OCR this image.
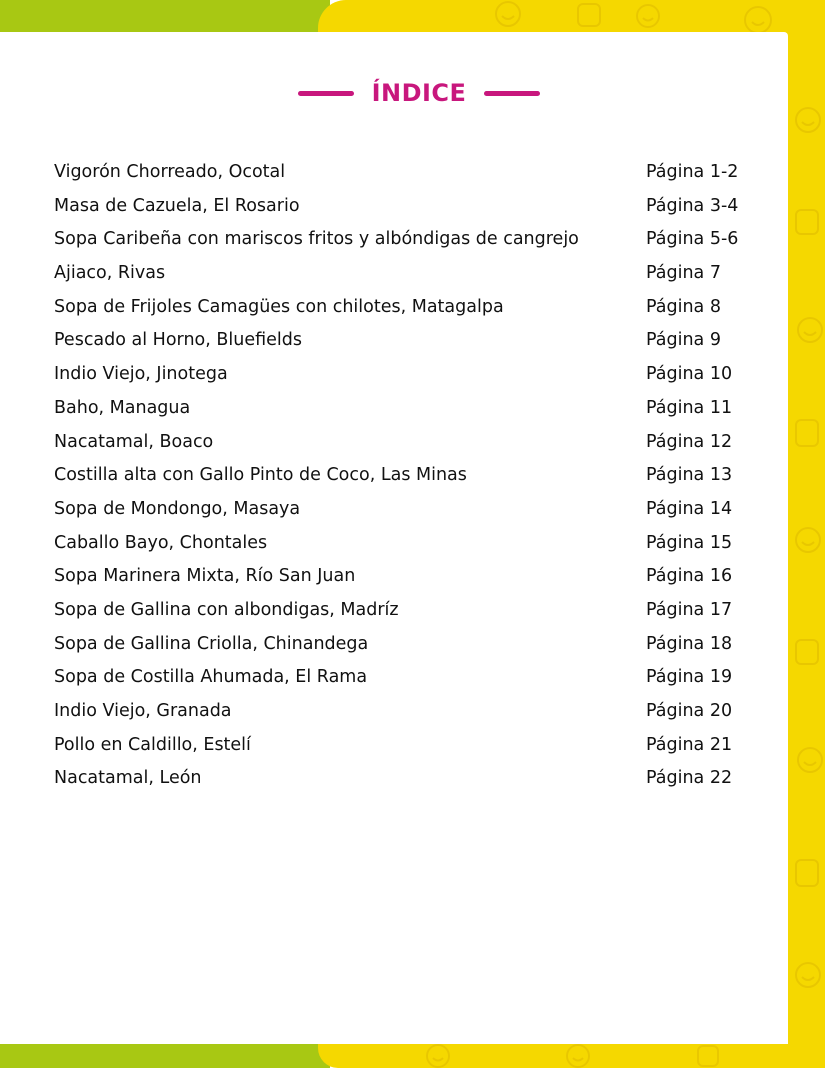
ÍNDICE
Vigorón Chorreado, Ocotal	Página 1-2
Masa de Cazuela, El Rosario	Página 3-4
Sopa Caribeña con mariscos fritos y albóndigas de cangrejo	Página 5-6
Ajiaco, Rivas	Página 7
Sopa de Frijoles Camagües con chilotes, Matagalpa	Página 8
Pescado al Horno, Bluefields	Página 9
Indio Viejo, Jinotega	Página 10
Baho, Managua	Página 11
Nacatamal, Boaco	Página 12
Costilla alta con Gallo Pinto de Coco, Las Minas	Página 13
Sopa de Mondongo, Masaya	Página 14
Caballo Bayo, Chontales	Página 15
Sopa Marinera Mixta, Río San Juan	Página 16
Sopa de Gallina con albondigas, Madríz	Página 17
Sopa de Gallina Criolla, Chinandega	Página 18
Sopa de Costilla Ahumada, El Rama	Página 19
Indio Viejo, Granada	Página 20
Pollo en Caldillo, Estelí	Página 21
Nacatamal, León	Página 22
